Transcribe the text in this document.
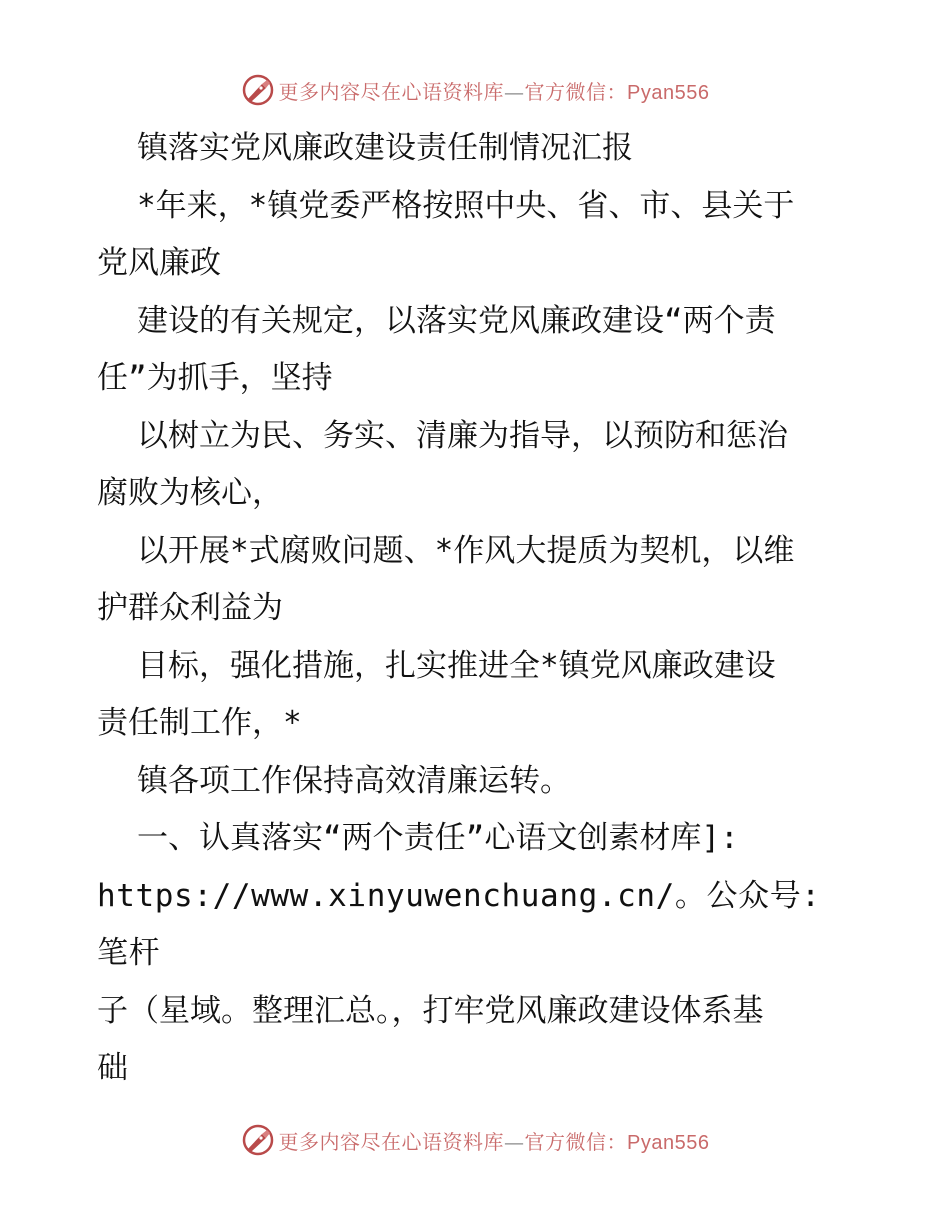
更多内容尽在心语资料库—官方微信：Pyan556

镇落实党风廉政建设责任制情况汇报

*年来，*镇党委严格按照中央、省、市、县关于

党风廉政

建设的有关规定，以落实党风廉政建设“两个责

任”为抓手，坚持

以树立为民、务实、清廉为指导，以预防和惩治

腐败为核心，

以开展*式腐败问题、*作风大提质为契机，以维

护群众利益为

目标，强化措施，扎实推进全*镇党风廉政建设

责任制工作，*

镇各项工作保持高效清廉运转。

一、认真落实“两个责任”心语文创素材库]:

https://www.xinyuwenchuang.cn/。公众号: 笔杆

子（星域。整理汇总。，打牢党风廉政建设体系基

础

更多内容尽在心语资料库—官方微信：Pyan556
